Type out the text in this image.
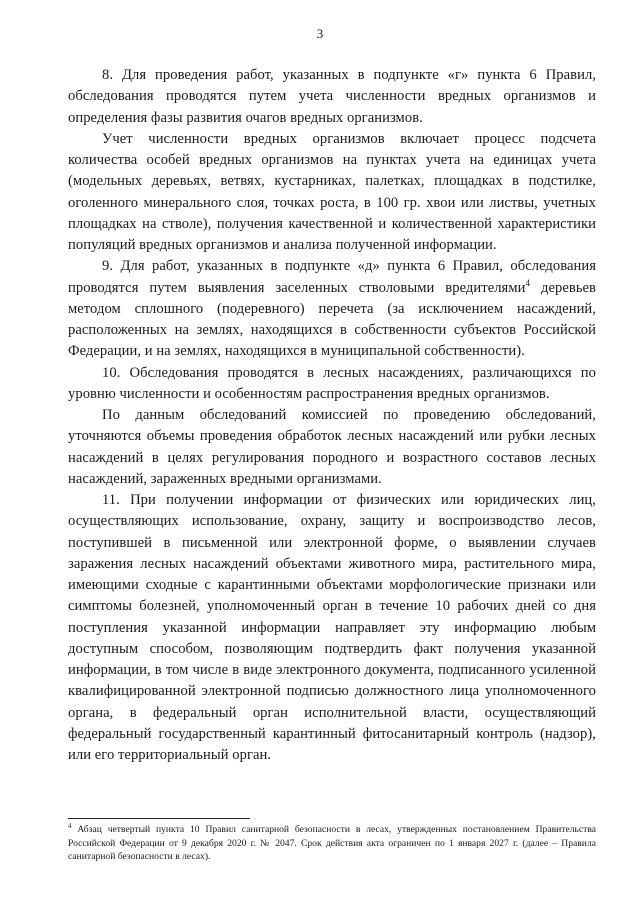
3

8. Для проведения работ, указанных в подпункте «г» пункта 6 Правил, обследования проводятся путем учета численности вредных организмов и определения фазы развития очагов вредных организмов.

Учет численности вредных организмов включает процесс подсчета количества особей вредных организмов на пунктах учета на единицах учета (модельных деревьях, ветвях, кустарниках, палетках, площадках в подстилке, оголенного минерального слоя, точках роста, в 100 гр. хвои или листвы, учетных площадках на стволе), получения качественной и количественной характеристики популяций вредных организмов и анализа полученной информации.

9. Для работ, указанных в подпункте «д» пункта 6 Правил, обследования проводятся путем выявления заселенных стволовыми вредителями$^4$ деревьев методом сплошного (подеревного) перечета (за исключением насаждений, расположенных на землях, находящихся в собственности субъектов Российской Федерации, и на землях, находящихся в муниципальной собственности).

10. Обследования проводятся в лесных насаждениях, различающихся по уровню численности и особенностям распространения вредных организмов.

По данным обследований комиссией по проведению обследований, уточняются объемы проведения обработок лесных насаждений или рубки лесных насаждений в целях регулирования породного и возрастного составов лесных насаждений, зараженных вредными организмами.

11. При получении информации от физических или юридических лиц, осуществляющих использование, охрану, защиту и воспроизводство лесов, поступившей в письменной или электронной форме, о выявлении случаев заражения лесных насаждений объектами животного мира, растительного мира, имеющими сходные с карантинными объектами морфологические признаки или симптомы болезней, уполномоченный орган в течение 10 рабочих дней со дня поступления указанной информации направляет эту информацию любым доступным способом, позволяющим подтвердить факт получения указанной информации, в том числе в виде электронного документа, подписанного усиленной квалифицированной электронной подписью должностного лица уполномоченного органа, в федеральный орган исполнительной власти, осуществляющий федеральный государственный карантинный фитосанитарный контроль (надзор), или его территориальный орган.

$^4$ Абзац четвертый пункта 10 Правил санитарной безопасности в лесах, утвержденных постановлением Правительства Российской Федерации от 9 декабря 2020 г. № 2047. Срок действия акта ограничен по 1 января 2027 г. (далее – Правила санитарной безопасности в лесах).
